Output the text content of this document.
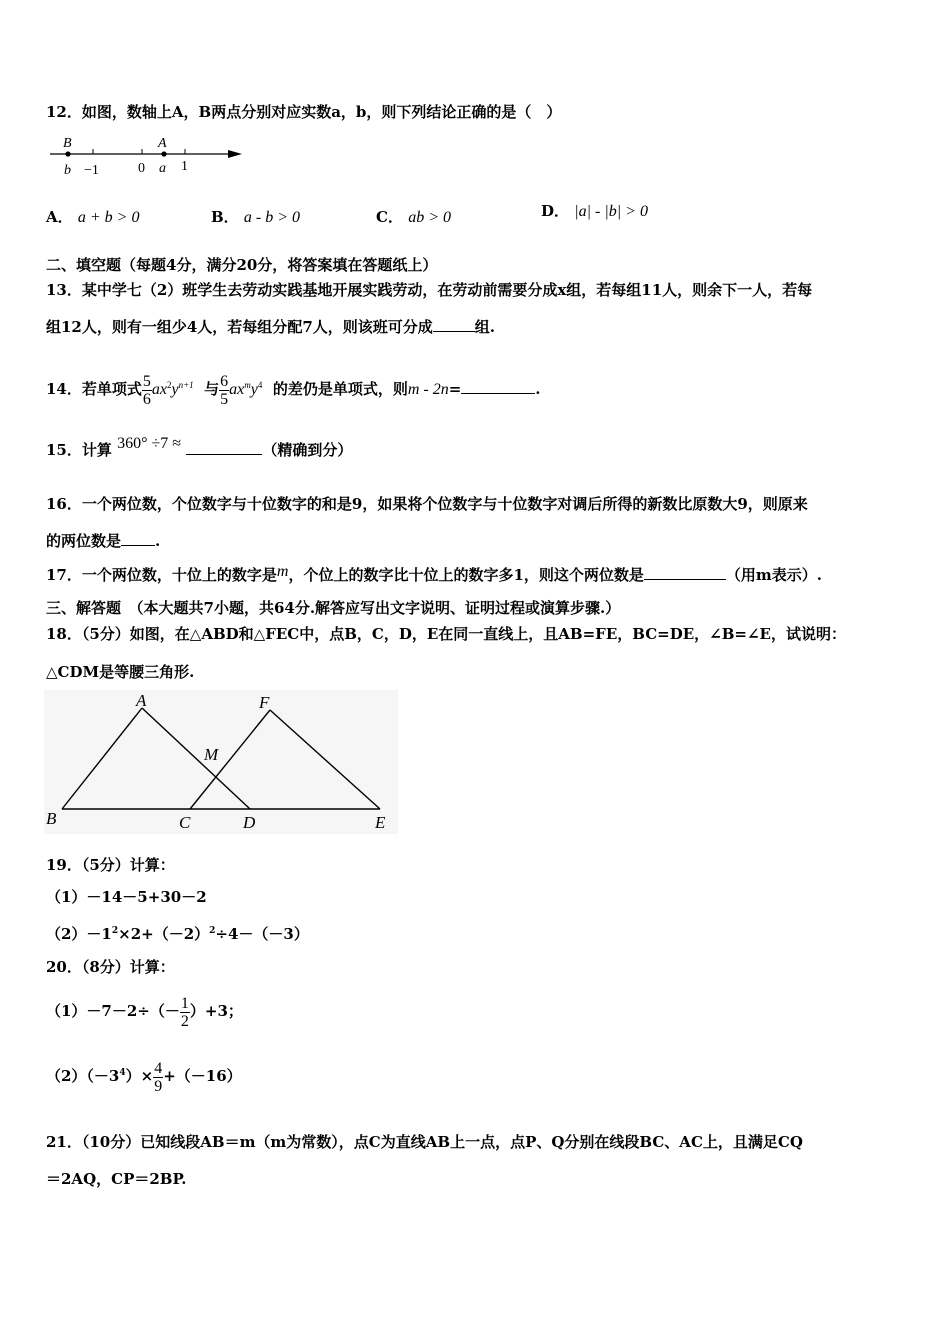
12．如图，数轴上A，B两点分别对应实数a，b，则下列结论正确的是（　）
B
b −1	0
A
a 1
A． a + b > 0	B． a - b > 0	C． ab > 0	D． |a| - |b| > 0
二、填空题（每题4分，满分20分，将答案填在答题纸上）
13．某中学七（2）班学生去劳动实践基地开展实践劳动，在劳动前需要分成x组，若每组11人，则余下一人，若每
组12人，则有一组少4人，若每组分配7人，则该班可分成	组.
14．若单项式 $\frac{5}{6} ax^2y^{n+1}$ 与 $\frac{6}{5} ax^my^4$ 的差仍是单项式，则m - 2n=	.
15．计算 360° ÷7 ≈	（精确到分）
16．一个两位数，个位数字与十位数字的和是9，如果将个位数字与十位数字对调后所得的新数比原数大9，则原来
的两位数是 .
17．一个两位数，十位上的数字是m，个位上的数字比十位上的数字多1，则这个两位数是	（用m表示）.
三、解答题　（本大题共7小题，共64分.解答应写出文字说明、证明过程或演算步骤.）
18．（5分）如图，在△ABD和△FEC中，点B，C，D，E在同一直线上，且AB=FE，BC=DE，∠B=∠E，试说明：
△CDM是等腰三角形.
A	F
M
B	C	D	E
19．（5分）计算：
（1）－14－5+30－2
$(2)-1^2\times 2+(-2)^2\div 4-(-3)$
20．（8分）计算：
$(1)-7-2\div(- \frac{1}{2} )+3$；
$(2)(-3^4)\times \frac{4}{9} +(-16)$
21．（10分）已知线段AB＝m（m为常数），点C为直线AB上一点，点P、Q分别在线段BC、AC上，且满足CQ
＝2AQ，CP＝2BP.
